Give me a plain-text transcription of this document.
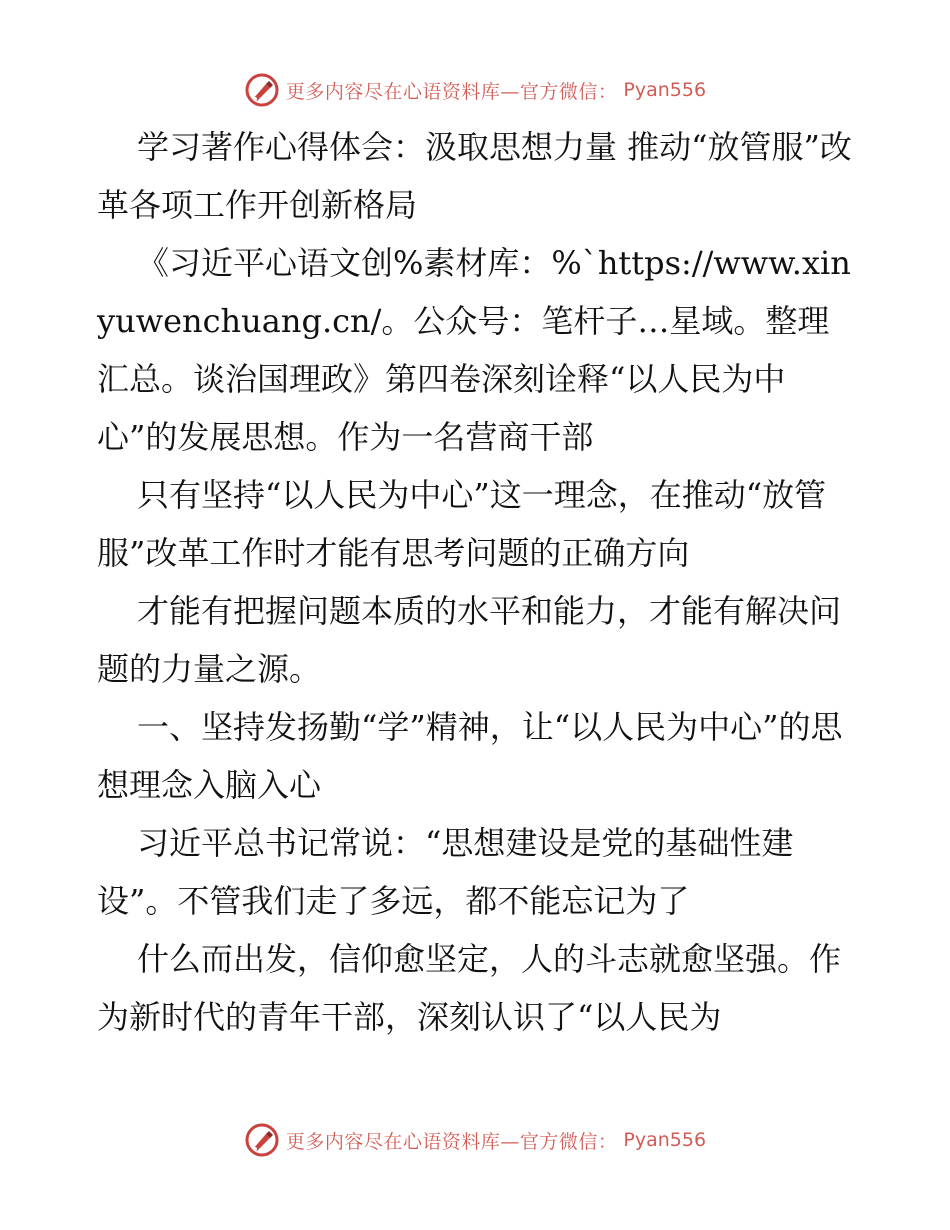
更多内容尽在心语资料库—官方微信： Pyan556

学习著作心得体会：汲取思想力量 推动“放管服”改革各项工作开创新格局

《习近平心语文创%素材库：%`https://www.xinyuwenchuang.cn/。公众号：笔杆子…星域。整理汇总。谈治国理政》第四卷深刻诠释“以人民为中心”的发展思想。作为一名营商干部

只有坚持“以人民为中心”这一理念，在推动“放管服”改革工作时才能有思考问题的正确方向

才能有把握问题本质的水平和能力，才能有解决问题的力量之源。

一、坚持发扬勤“学”精神，让“以人民为中心”的思想理念入脑入心

习近平总书记常说：“思想建设是党的基础性建设”。不管我们走了多远，都不能忘记为了

什么而出发，信仰愈坚定，人的斗志就愈坚强。作为新时代的青年干部，深刻认识了“以人民为

更多内容尽在心语资料库—官方微信： Pyan556
